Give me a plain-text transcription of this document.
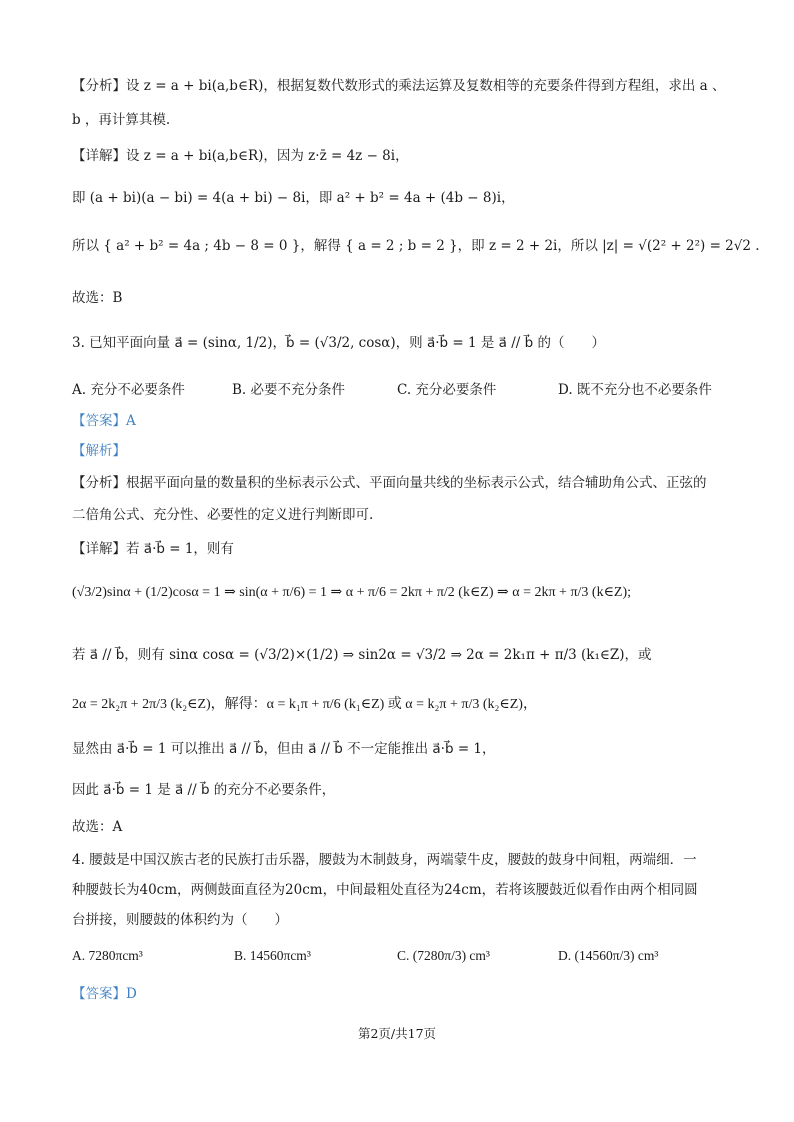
【分析】设 z = a + bi(a,b∈R)，根据复数代数形式的乘法运算及复数相等的充要条件得到方程组，求出 a 、
b ，再计算其模.
【详解】设 z = a + bi(a,b∈R)，因为 z·z̄ = 4z − 8i，
即 (a + bi)(a − bi) = 4(a + bi) − 8i，即 a² + b² = 4a + (4b − 8)i，
所以 { a² + b² = 4a ; 4b − 8 = 0 }，解得 { a = 2 ; b = 2 }，即 z = 2 + 2i，所以 |z| = √(2² + 2²) = 2√2 .
故选：B
3. 已知平面向量 a⃗ = (sinα, 1/2)，b⃗ = (√3/2, cosα)，则 a⃗·b⃗ = 1 是 a⃗ // b⃗ 的（　　）
A. 充分不必要条件	B. 必要不充分条件	C. 充分必要条件	D. 既不充分也不必要条件
【答案】A
【解析】
【分析】根据平面向量的数量积的坐标表示公式、平面向量共线的坐标表示公式，结合辅助角公式、正弦的
二倍角公式、充分性、必要性的定义进行判断即可.
【详解】若 a⃗·b⃗ = 1，则有
(√3/2)sinα + (1/2)cosα = 1 ⇒ sin(α + π/6) = 1 ⇒ α + π/6 = 2kπ + π/2 (k∈Z) ⇒ α = 2kπ + π/3 (k∈Z);
若 a⃗ // b⃗，则有 sinα cosα = (√3/2)×(1/2) ⇒ sin2α = √3/2 ⇒ 2α = 2k₁π + π/3 (k₁∈Z)，或
2α = 2k₂π + 2π/3 (k₂∈Z)，解得：α = k₁π + π/6 (k₁∈Z) 或 α = k₂π + π/3 (k₂∈Z)，
显然由 a⃗·b⃗ = 1 可以推出 a⃗ // b⃗，但由 a⃗ // b⃗ 不一定能推出 a⃗·b⃗ = 1，
因此 a⃗·b⃗ = 1 是 a⃗ // b⃗ 的充分不必要条件，
故选：A
4. 腰鼓是中国汉族古老的民族打击乐器，腰鼓为木制鼓身，两端蒙牛皮，腰鼓的鼓身中间粗，两端细．一
种腰鼓长为40cm，两侧鼓面直径为20cm，中间最粗处直径为24cm，若将该腰鼓近似看作由两个相同圆
台拼接，则腰鼓的体积约为（　　）
A. 7280πcm³	B. 14560πcm³	C. (7280π/3) cm³	D. (14560π/3) cm³
【答案】D
第2页/共17页
